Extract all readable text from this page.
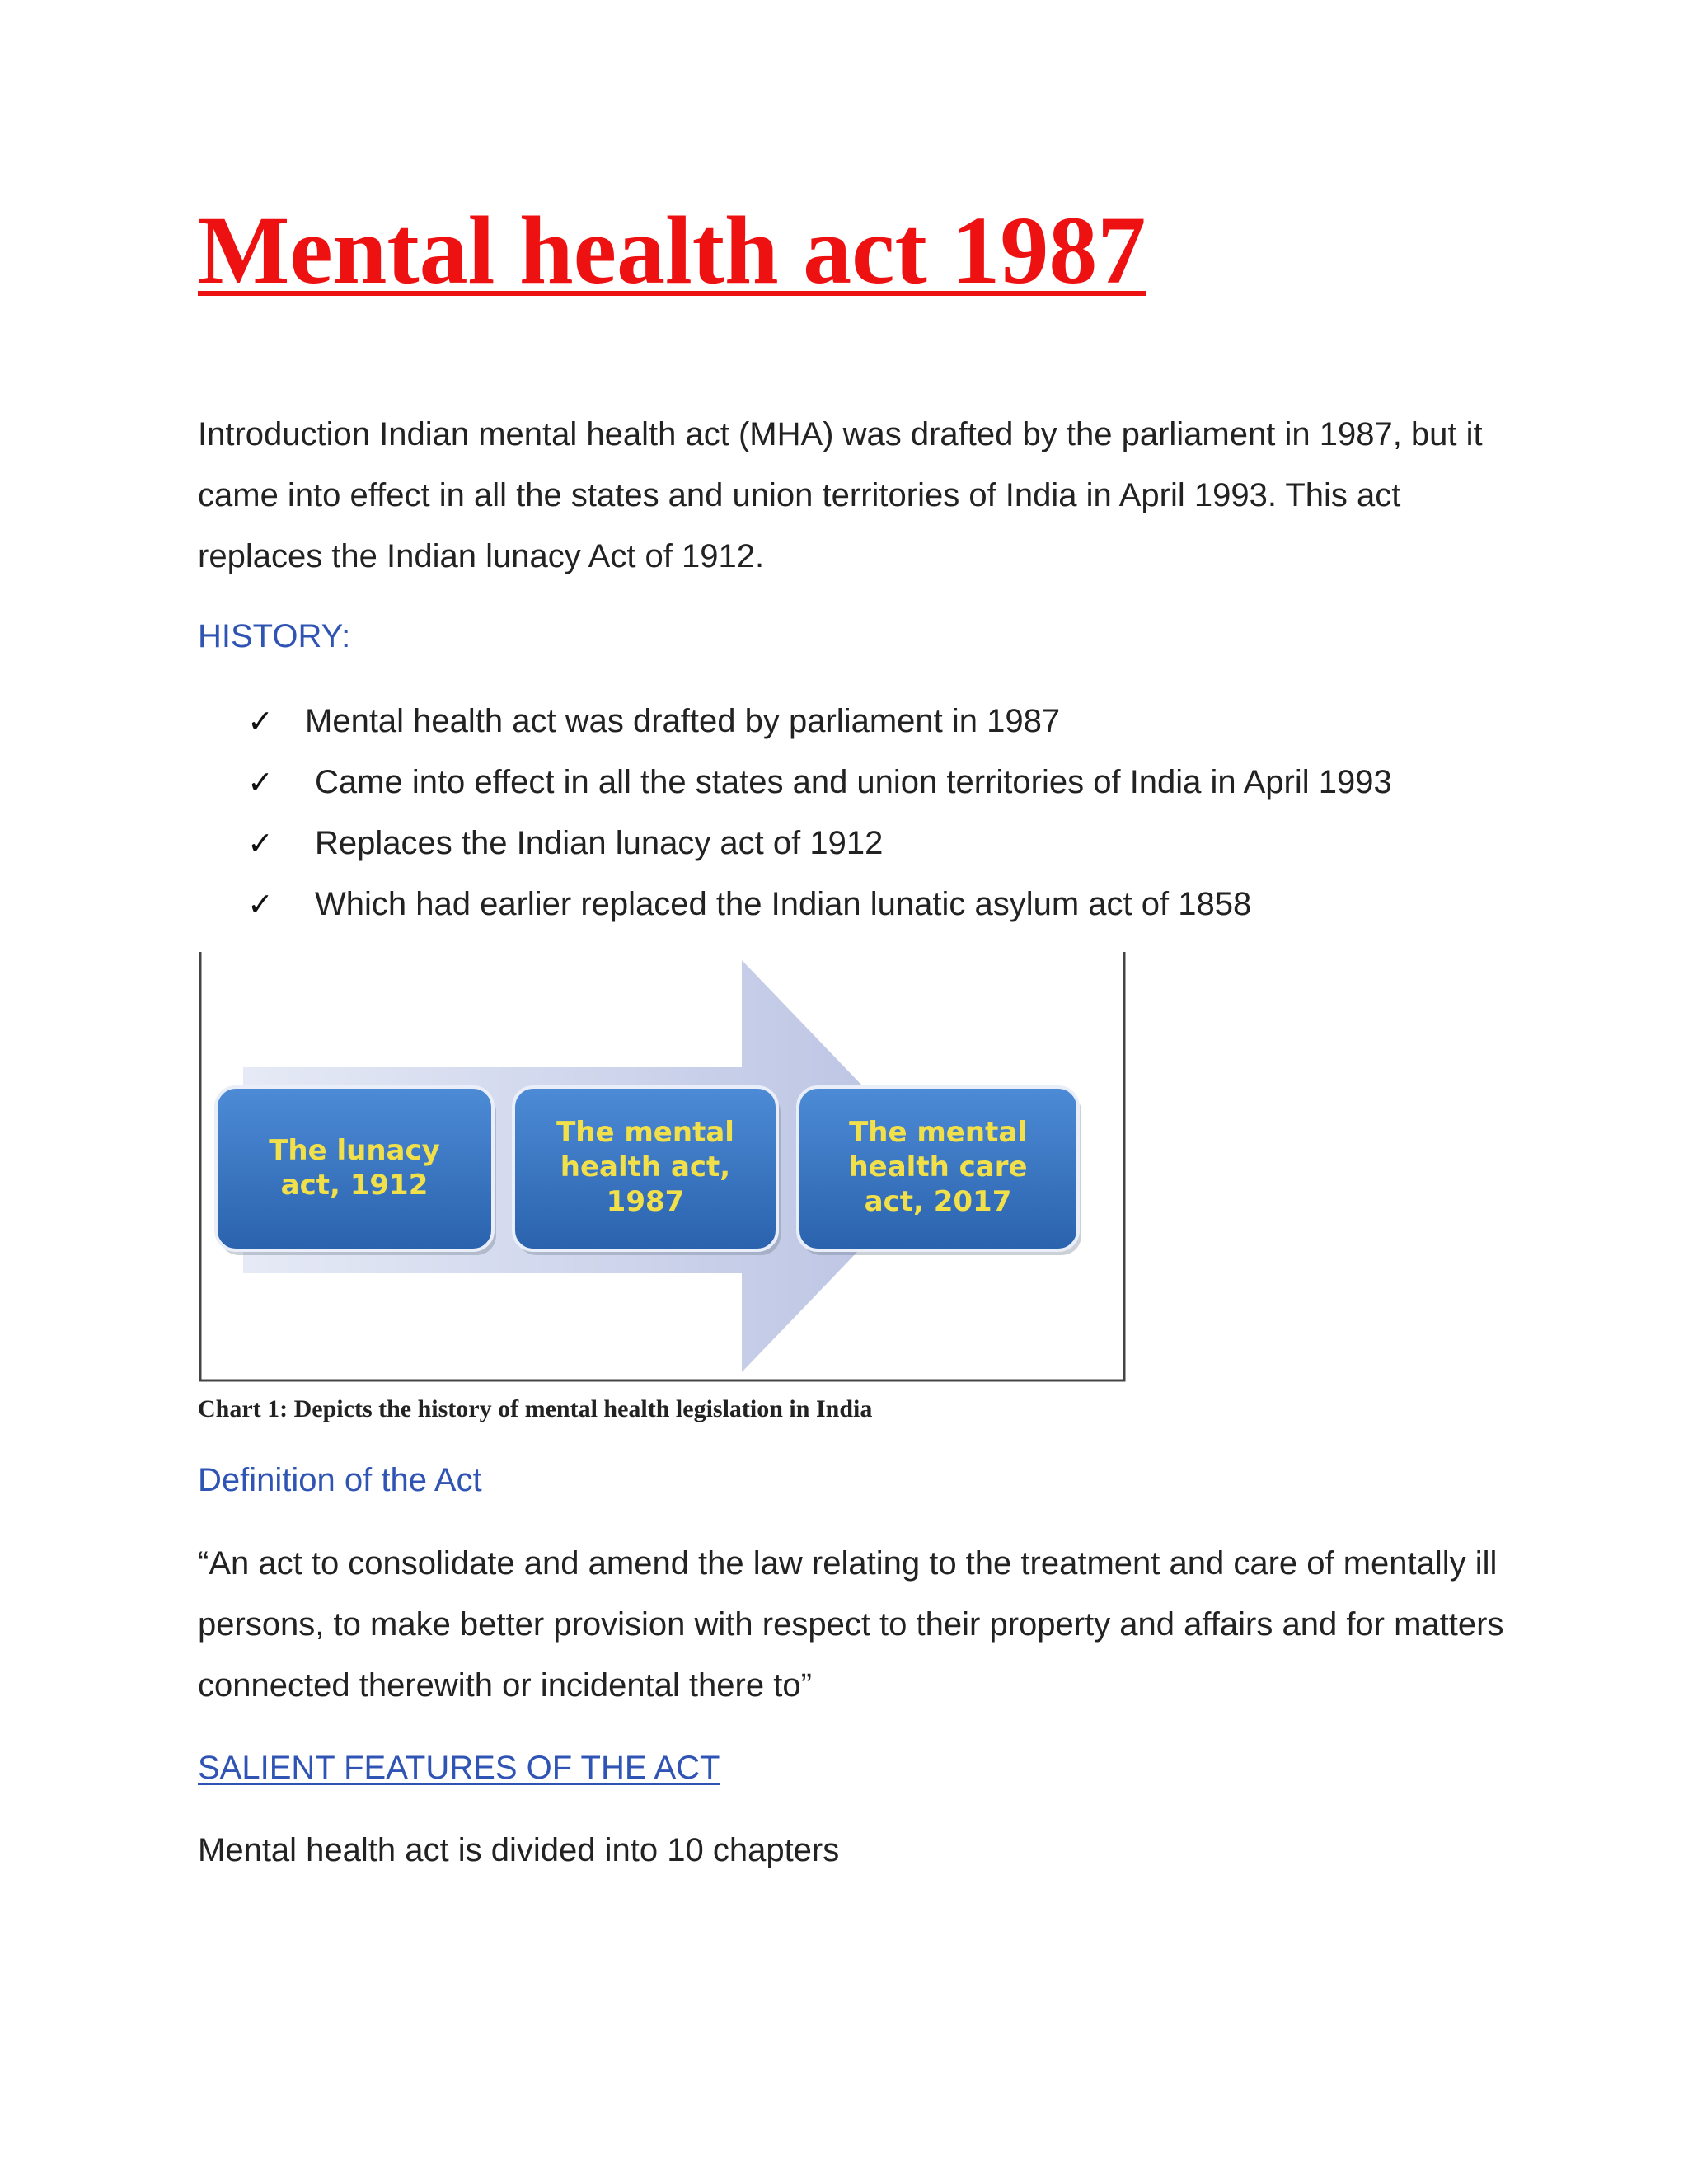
Mental health act 1987

Introduction Indian mental health act (MHA) was drafted by the parliament in 1987, but it came into effect in all the states and union territories of India in April 1993. This act replaces the Indian lunacy Act of 1912.

HISTORY:
✓ Mental health act was drafted by parliament in 1987
✓ Came into effect in all the states and union territories of India in April 1993
✓ Replaces the Indian lunacy act of 1912
✓ Which had earlier replaced the Indian lunatic asylum act of 1858
The lunacy
act, 1912
The mental
health act,
1987
The mental
health care
act, 2017

Chart 1: Depicts the history of mental health legislation in India

Definition of the Act

“An act to consolidate and amend the law relating to the treatment and care of mentally ill persons, to make better provision with respect to their property and affairs and for matters connected therewith or incidental there to”

SALIENT FEATURES OF THE ACT

Mental health act is divided into 10 chapters
